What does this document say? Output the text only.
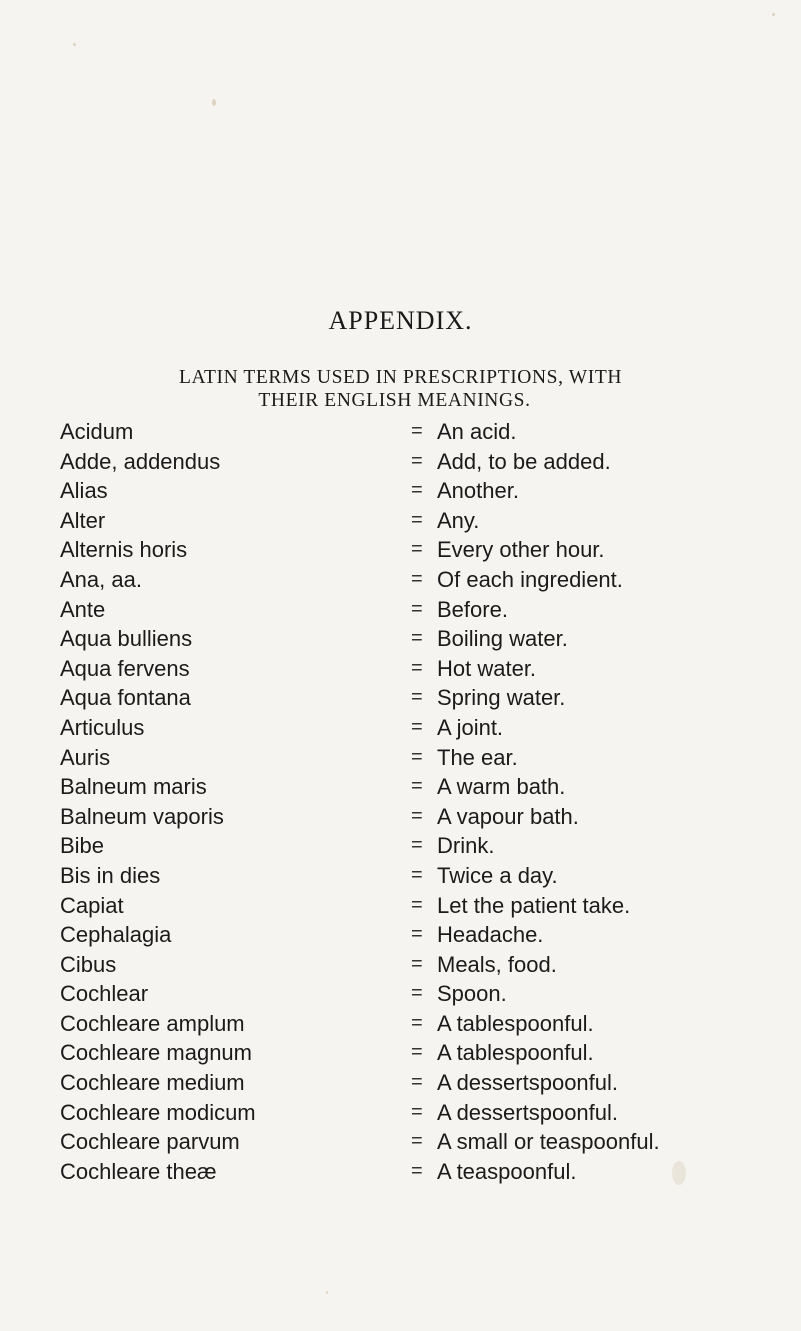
APPENDIX.
LATIN TERMS USED IN PRESCRIPTIONS, WITH
THEIR ENGLISH MEANINGS.
Acidum	= An acid.
Adde, addendus	= Add, to be added.
Alias	= Another.
Alter	= Any.
Alternis horis	= Every other hour.
Ana, aa.	= Of each ingredient.
Ante	= Before.
Aqua bulliens	= Boiling water.
Aqua fervens	= Hot water.
Aqua fontana	= Spring water.
Articulus	= A joint.
Auris	= The ear.
Balneum maris	= A warm bath.
Balneum vaporis	= A vapour bath.
Bibe	= Drink.
Bis in dies	= Twice a day.
Capiat	= Let the patient take.
Cephalagia	= Headache.
Cibus	= Meals, food.
Cochlear	= Spoon.
Cochleare amplum	= A tablespoonful.
Cochleare magnum	= A tablespoonful.
Cochleare medium	= A dessertspoonful.
Cochleare modicum	= A dessertspoonful.
Cochleare parvum	= A small or teaspoonful.
Cochleare theæ	= A teaspoonful.
